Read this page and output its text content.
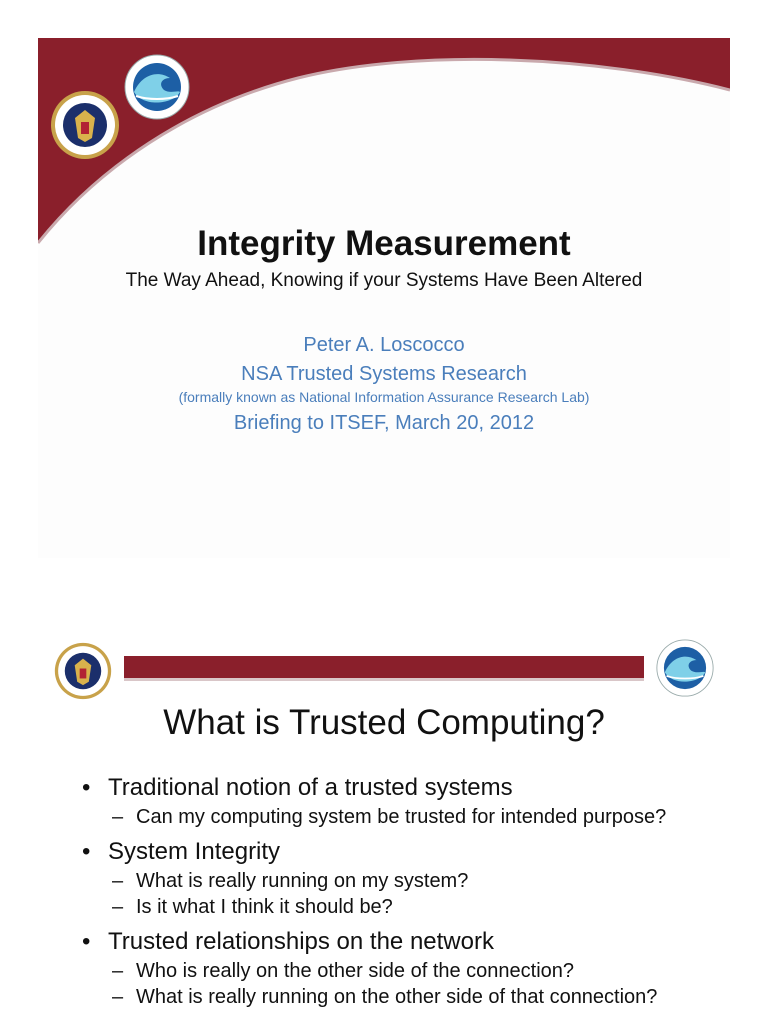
Integrity Measurement
The Way Ahead, Knowing if your Systems Have Been Altered
Peter A. Loscocco
NSA Trusted Systems Research
(formally known as National Information Assurance Research Lab)
Briefing to ITSEF, March 20, 2012
What is Trusted Computing?
• Traditional notion of a trusted systems
– Can my computing system be trusted for intended purpose?
• System Integrity
– What is really running on my system?
– Is it what I think it should be?
• Trusted relationships on the network
– Who is really on the other side of the connection?
– What is really running on the other side of that connection?
